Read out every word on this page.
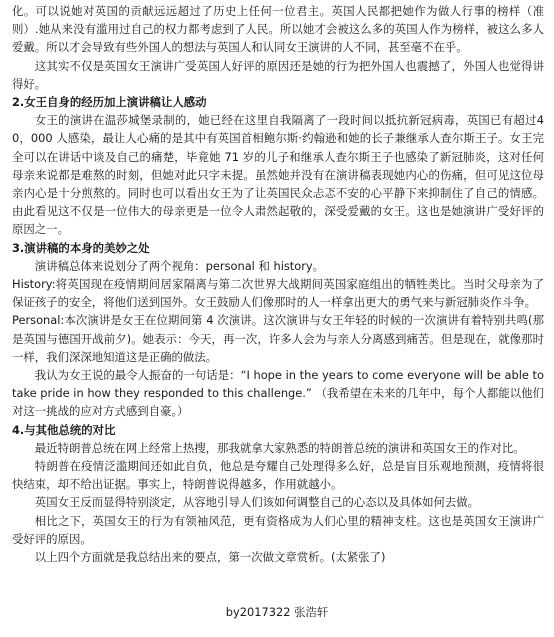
化。可以说她对英国的贡献远远超过了历史上任何一位君主。英国人民都把她作为做人行事的榜样（准则）.她从来没有滥用过自己的权力都考虑到了人民。所以她才会被这么多的英国人作为榜样，被这么多人爱戴。所以才会导致有些外国人的想法与英国人和认同女王演讲的人不同，甚至毫不在乎。

这其实不仅是英国女王演讲广受英国人好评的原因还是她的行为把外国人也震撼了，外国人也觉得讲得好。

2.女王自身的经历加上演讲稿让人感动

女王的演讲在温莎城堡录制的，她已经在这里自我隔离了一段时间以抵抗新冠病毒，英国已有超过40，000 人感染，最让人心痛的是其中有英国首相鲍尔斯·约翰逊和她的长子兼继承人查尔斯王子。女王完全可以在讲话中谈及自己的痛楚，毕竟她 71 岁的儿子和继承人查尔斯王子也感染了新冠肺炎，这对任何母亲来说都是难熬的时刻，但她对此只字未提。虽然她并没有在演讲稿表现她内心的伤痛，但可见这位母亲内心是十分煎熬的。同时也可以看出女王为了让英国民众忐忑不安的心平静下来抑制住了自己的情感。由此看见这不仅是一位伟大的母亲更是一位令人肃然起敬的，深受爱戴的女王。这也是她演讲广受好评的原因之一。

3.演讲稿的本身的美妙之处

演讲稿总体来说划分了两个视角：personal 和 history。

History:将英国现在疫情期间居家隔离与第二次世界大战期间英国家庭组出的牺牲类比。当时父母亲为了保证孩子的安全，将他们送到国外。女王鼓励人们像那时的人一样拿出更大的勇气来与新冠肺炎作斗争。

Personal:本次演讲是女王在位期间第 4 次演讲。这次演讲与女王年轻的时候的一次演讲有着特别共鸣(那是英国与德国开战前夕)。她表示：今天，再一次，许多人会为与亲人分离感到痛苦。但是现在，就像那时一样，我们深深地知道这是正确的做法。

我认为女王说的最令人振奋的一句话是：“I hope in the years to come everyone will be able to take pride in how they responded to this challenge.” （我希望在未来的几年中，每个人都能以他们对这一挑战的应对方式感到自豪。）

4.与其他总统的对比

最近特朗普总统在网上经常上热搜，那我就拿大家熟悉的特朗普总统的演讲和英国女王的作对比。

特朗普在疫情泛滥期间还如此自负，他总是夸耀自己处理得多么好，总是盲目乐观地预测，疫情将很快结束，却不给出证据。事实上，特朗普说得越多，作用就越小。

英国女王反而显得特别淡定，从容地引导人们该如何调整自己的心态以及具体如何去做。

相比之下，英国女王的行为有领袖风范，更有资格成为人们心里的精神支柱。这也是英国女王演讲广受好评的原因。

以上四个方面就是我总结出来的要点，第一次做文章赏析。(太紧张了)

by2017322 张浩轩
